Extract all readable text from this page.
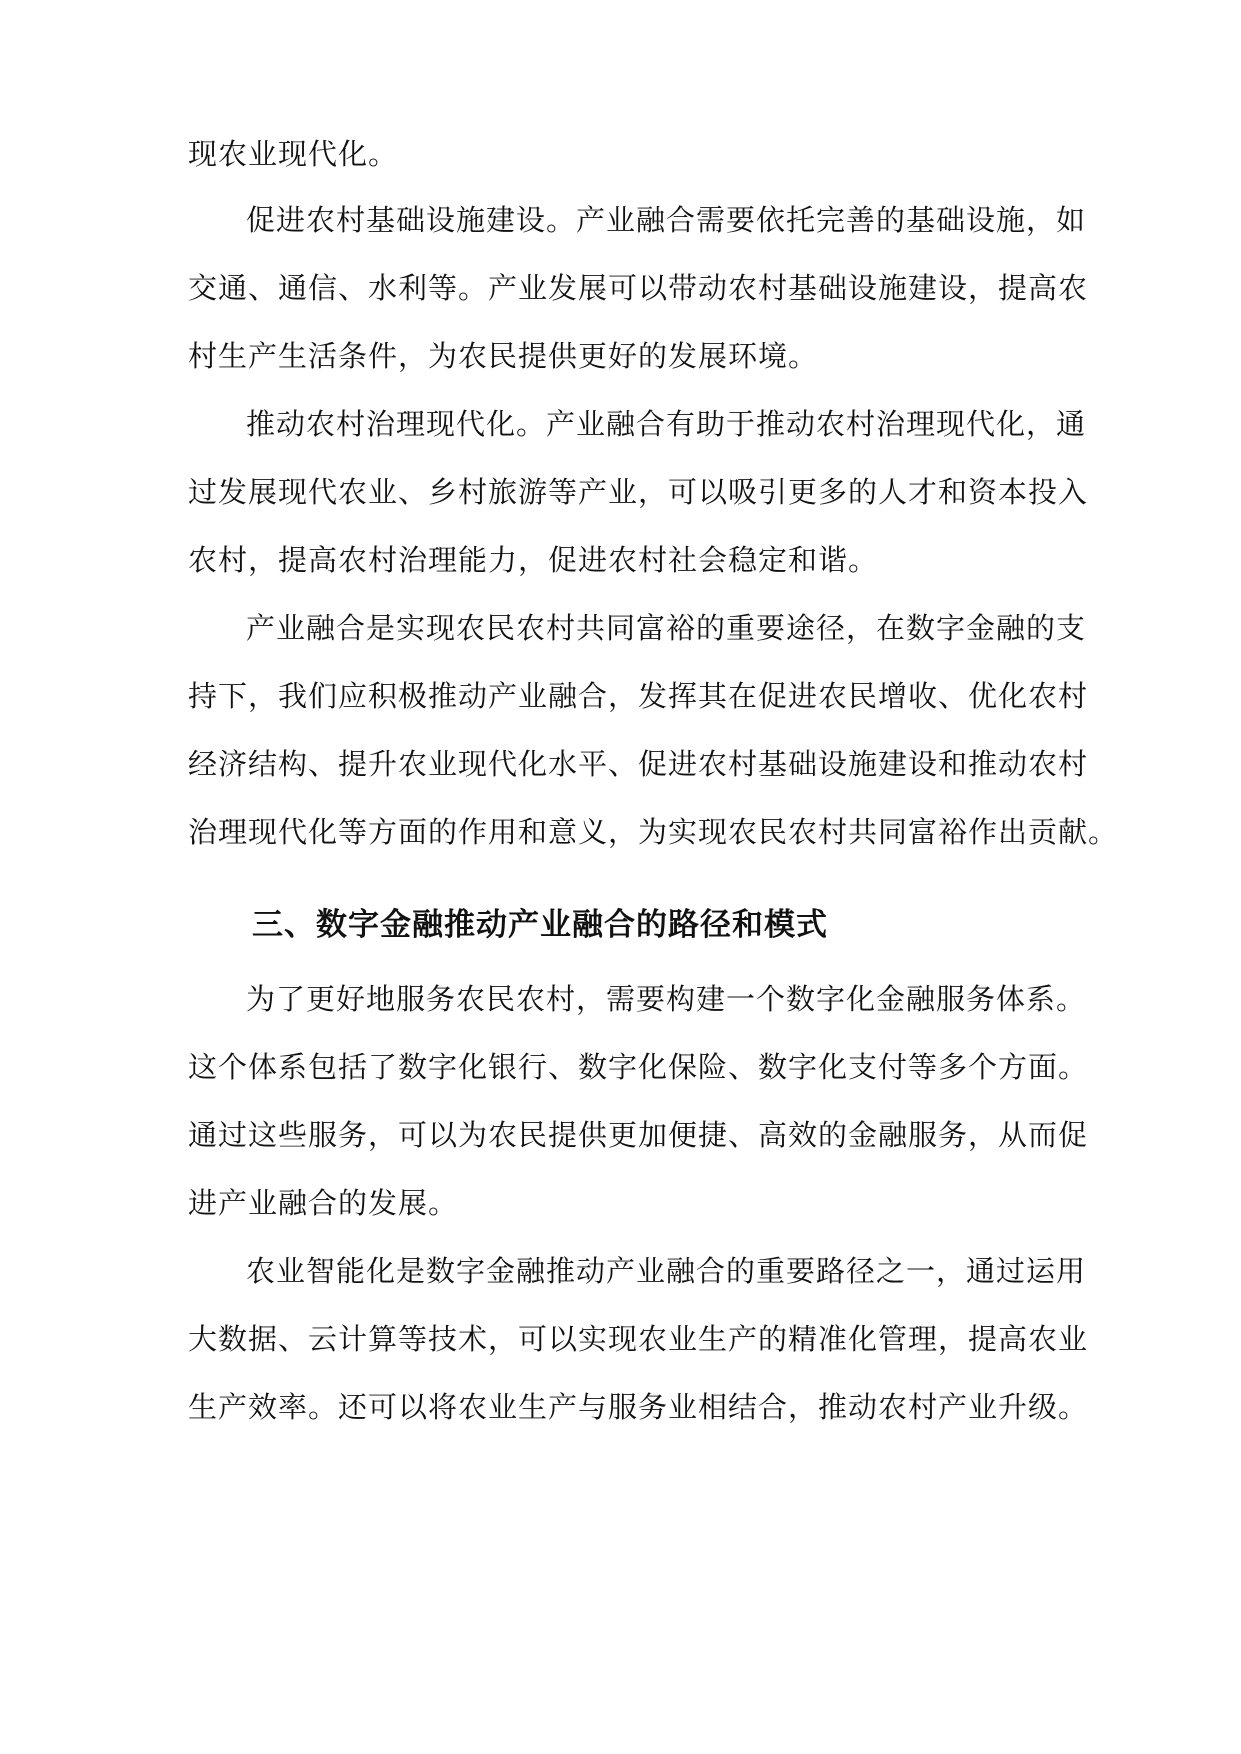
现农业现代化。

促进农村基础设施建设。产业融合需要依托完善的基础设施，如

交通、通信、水利等。产业发展可以带动农村基础设施建设，提高农

村生产生活条件，为农民提供更好的发展环境。

推动农村治理现代化。产业融合有助于推动农村治理现代化，通

过发展现代农业、乡村旅游等产业，可以吸引更多的人才和资本投入

农村，提高农村治理能力，促进农村社会稳定和谐。

产业融合是实现农民农村共同富裕的重要途径，在数字金融的支

持下，我们应积极推动产业融合，发挥其在促进农民增收、优化农村

经济结构、提升农业现代化水平、促进农村基础设施建设和推动农村

治理现代化等方面的作用和意义，为实现农民农村共同富裕作出贡献。

三、数字金融推动产业融合的路径和模式

为了更好地服务农民农村，需要构建一个数字化金融服务体系。

这个体系包括了数字化银行、数字化保险、数字化支付等多个方面。

通过这些服务，可以为农民提供更加便捷、高效的金融服务，从而促

进产业融合的发展。

农业智能化是数字金融推动产业融合的重要路径之一，通过运用

大数据、云计算等技术，可以实现农业生产的精准化管理，提高农业

生产效率。还可以将农业生产与服务业相结合，推动农村产业升级。
